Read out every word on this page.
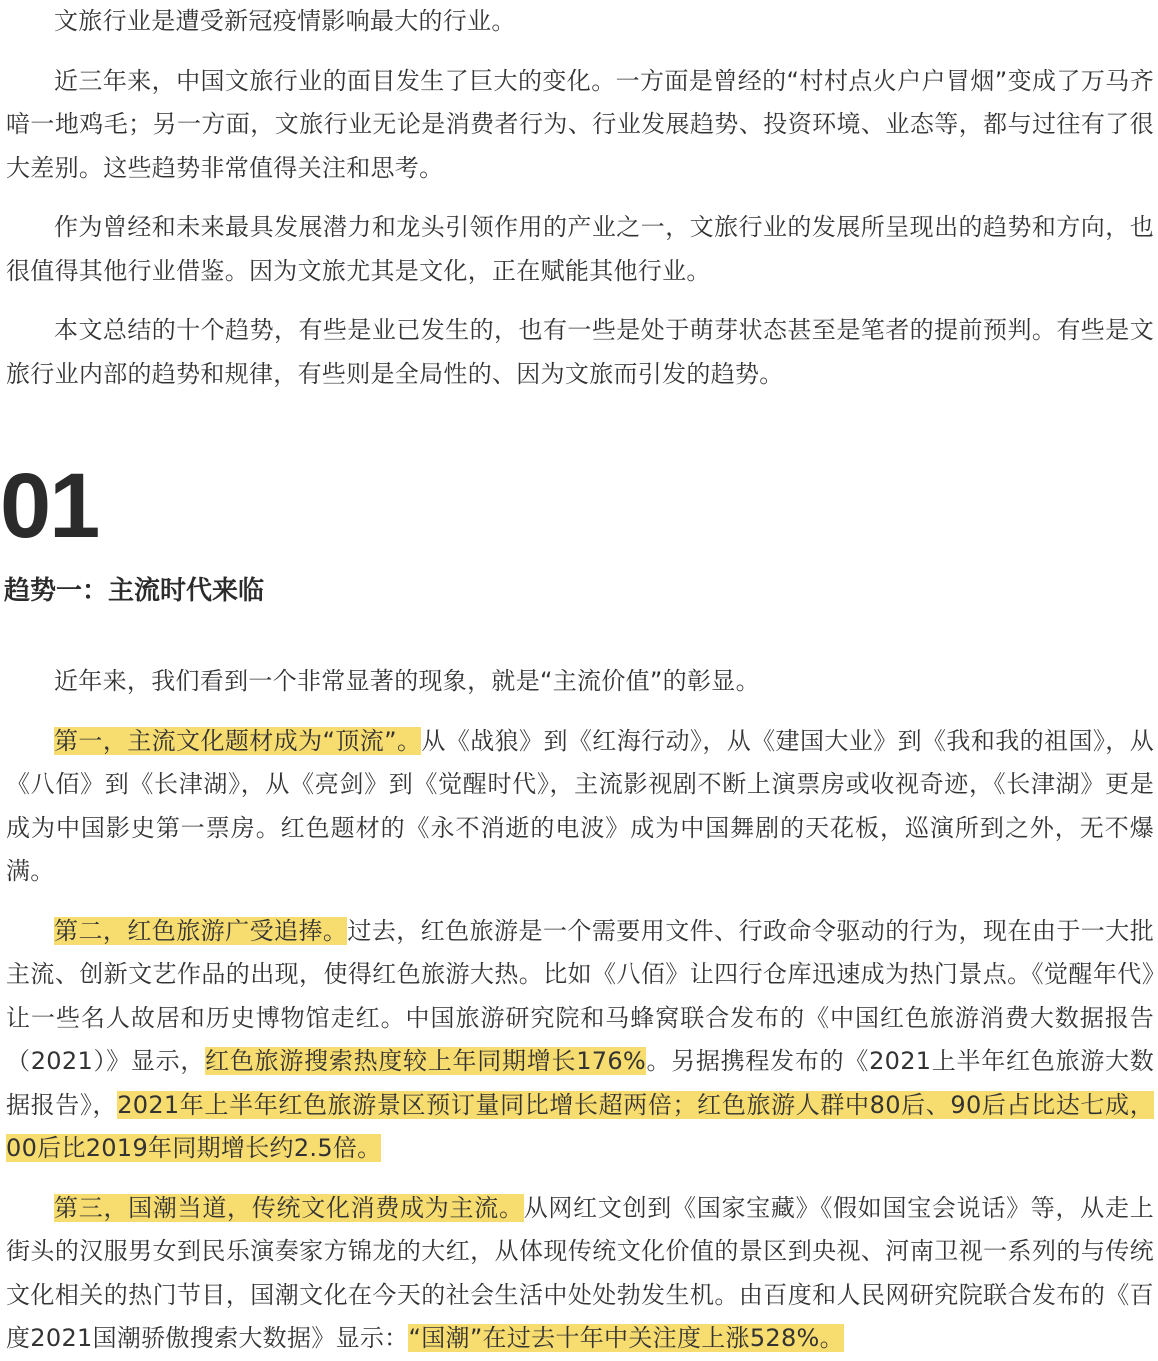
文旅行业是遭受新冠疫情影响最大的行业。

近三年来，中国文旅行业的面目发生了巨大的变化。一方面是曾经的“村村点火户户冒烟”变成了万马齐喑一地鸡毛；另一方面，文旅行业无论是消费者行为、行业发展趋势、投资环境、业态等，都与过往有了很大差别。这些趋势非常值得关注和思考。

作为曾经和未来最具发展潜力和龙头引领作用的产业之一，文旅行业的发展所呈现出的趋势和方向，也很值得其他行业借鉴。因为文旅尤其是文化，正在赋能其他行业。

本文总结的十个趋势，有些是业已发生的，也有一些是处于萌芽状态甚至是笔者的提前预判。有些是文旅行业内部的趋势和规律，有些则是全局性的、因为文旅而引发的趋势。

01
趋势一：主流时代来临

近年来，我们看到一个非常显著的现象，就是“主流价值”的彰显。

第一，主流文化题材成为“顶流”。从《战狼》到《红海行动》，从《建国大业》到《我和我的祖国》，从《八佰》到《长津湖》，从《亮剑》到《觉醒时代》，主流影视剧不断上演票房或收视奇迹，《长津湖》更是成为中国影史第一票房。红色题材的《永不消逝的电波》成为中国舞剧的天花板，巡演所到之外，无不爆满。

第二，红色旅游广受追捧。过去，红色旅游是一个需要用文件、行政命令驱动的行为，现在由于一大批主流、创新文艺作品的出现，使得红色旅游大热。比如《八佰》让四行仓库迅速成为热门景点。《觉醒年代》让一些名人故居和历史博物馆走红。中国旅游研究院和马蜂窝联合发布的《中国红色旅游消费大数据报告（2021）》显示，红色旅游搜索热度较上年同期增长176%。另据携程发布的《2021上半年红色旅游大数据报告》，2021年上半年红色旅游景区预订量同比增长超两倍；红色旅游人群中80后、90后占比达七成，00后比2019年同期增长约2.5倍。

第三，国潮当道，传统文化消费成为主流。从网红文创到《国家宝藏》《假如国宝会说话》等，从走上街头的汉服男女到民乐演奏家方锦龙的大红，从体现传统文化价值的景区到央视、河南卫视一系列的与传统文化相关的热门节目，国潮文化在今天的社会生活中处处勃发生机。由百度和人民网研究院联合发布的《百度2021国潮骄傲搜索大数据》显示：“国潮”在过去十年中关注度上涨528%。
